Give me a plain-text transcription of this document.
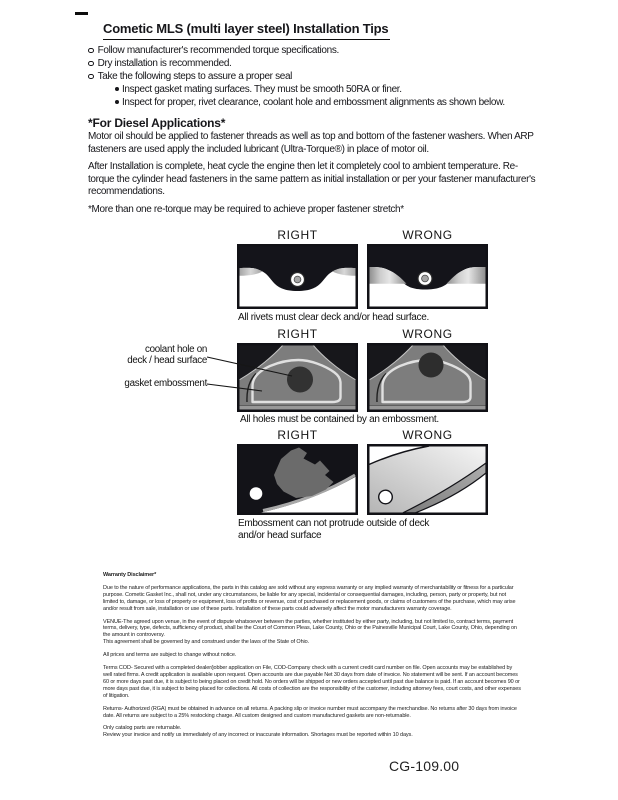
Cometic MLS (multi layer steel) Installation Tips
Follow manufacturer's recommended torque specifications.
Dry installation is recommended.
Take the following steps to assure a proper seal
Inspect gasket mating surfaces. They must be smooth 50RA or finer.
Inspect for proper, rivet clearance, coolant hole and embossment alignments as shown below.
*For Diesel Applications*

Motor oil should be applied to fastener threads as well as top and bottom of the fastener washers. When ARP fasteners are used apply the included lubricant (Ultra-Torque®) in place of motor oil.

After Installation is complete, heat cycle the engine then let it completely cool to ambient temperature. Re-torque the cylinder head fasteners in the same pattern as initial installation or per your fastener manufacturer's recommendations.

*More than one re-torque may be required to achieve proper fastener stretch*

RIGHT	WRONG
All rivets must clear deck and/or head surface.
RIGHT	WRONG
coolant hole on
deck / head surface
gasket embossment
All holes must be contained by an embossment.
RIGHT	WRONG
Embossment can not protrude outside of deck and/or head surface

Warranty Disclaimer*

Due to the nature of performance applications, the parts in this catalog are sold without any express warranty or any implied warranty of merchantability or fitness for a particular purpose. Cometic Gasket Inc., shall not, under any circumstances, be liable for any special, incidental or consequential damages, including, person, party or property, but not limited to, damage, or loss of property or equipment, loss of profits or revenue, cost of purchased or replacement goods, or claims of customers of the purchase, which may arise and/or result from sale, installation or use of these parts. Installation of these parts could adversely affect the motor manufacturers warranty coverage.

VENUE-The agreed upon venue, in the event of dispute whatsoever between the parties, whether instituted by either party, including, but not limited to, contract terms, payment terms, delivery, type, defects, sufficiency of product, shall be the Court of Common Pleas, Lake County, Ohio or the Painesville Municipal Court, Lake County, Ohio, depending on the amount in controversy.

This agreement shall be governed by and construed under the laws of the State of Ohio.

All prices and terms are subject to change without notice.

Terms COD- Secured with a completed dealer/jobber application on File, COD-Company check with a current credit card number on file. Open accounts may be established by well rated firms. A credit application is available upon request. Open accounts are due payable Net 30 days from date of invoice. No statement will be sent. If an account becomes 60 or more days past due, it is subject to being placed on credit hold. No orders will be shipped or new orders accepted until past due balance is paid. If an account becomes 90 or more days past due, it is subject to being placed for collections. All costs of collection are the responsibility of the customer, including attorney fees, court costs, and other expenses of litigation.

Returns- Authorized (RGA) must be obtained in advance on all returns. A packing slip or invoice number must accompany the merchandise. No returns after 30 days from invoice date. All returns are subject to a 25% restocking charge. All custom designed and custom manufactured gaskets are non-returnable.

Only catalog parts are returnable.

Review your invoice and notify us immediately of any incorrect or inaccurate information. Shortages must be reported within 10 days.

CG-109.00
